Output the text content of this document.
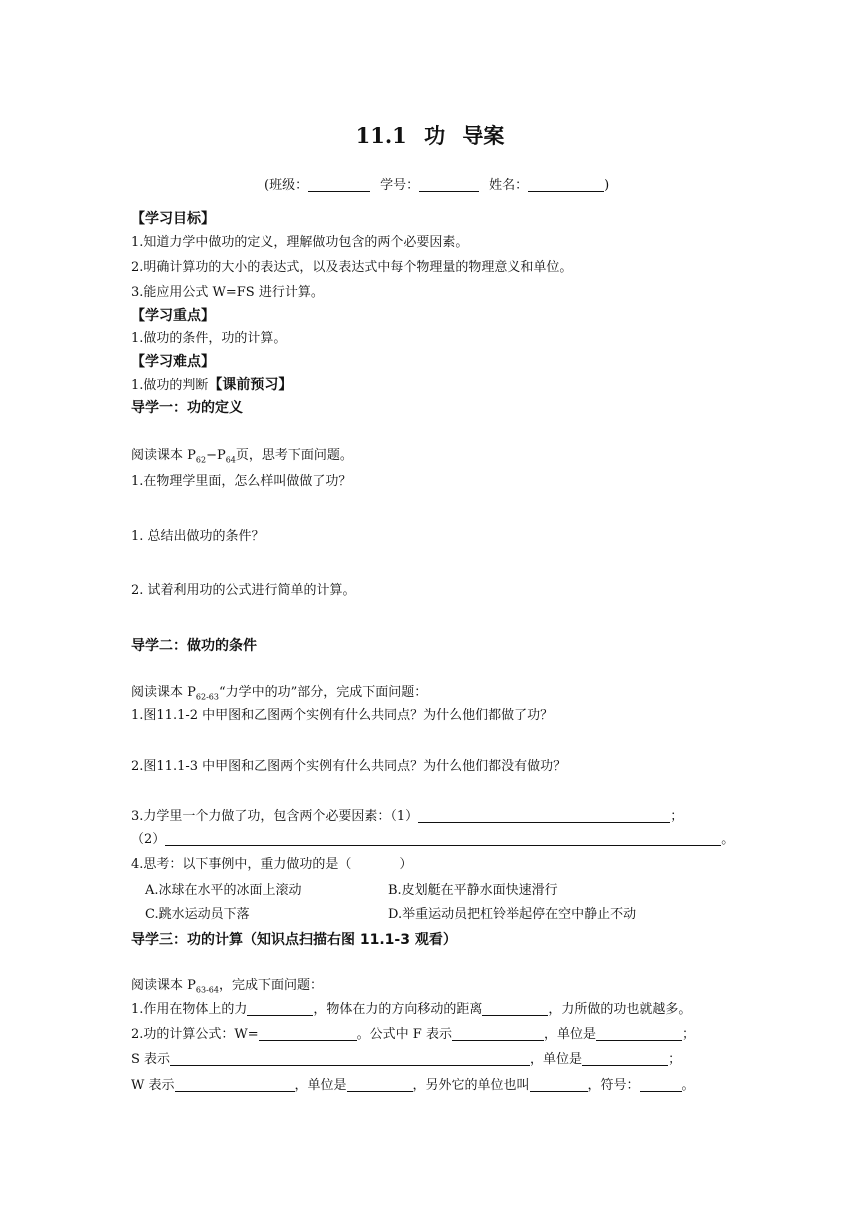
11.1 功 导案
(班级：	学号：	姓名：	)
【学习目标】
1.知道力学中做功的定义，理解做功包含的两个必要因素。
2.明确计算功的大小的表达式，以及表达式中每个物理量的物理意义和单位。
3.能应用公式 W=FS 进行计算。
【学习重点】
1.做功的条件，功的计算。
【学习难点】
1.做功的判断【课前预习】
导学一：功的定义
阅读课本 $P_{62}-P_{64}$页，思考下面问题。
1.在物理学里面，怎么样叫做做了功？
1. 总结出做功的条件？
2. 试着利用功的公式进行简单的计算。
导学二：做功的条件
阅读课本 $P_{62-63}“$力学中的功”部分，完成下面问题：
1.图11.1-2 中甲图和乙图两个实例有什么共同点？为什么他们都做了功？
2.图11.1-3 中甲图和乙图两个实例有什么共同点？为什么他们都没有做功？
3.力学里一个力做了功，包含两个必要因素：（1）	；
（2）	。
4.思考：以下事例中，重力做功的是（	）
A.冰球在水平的冰面上滚动	B.皮划艇在平静水面快速滑行
C.跳水运动员下落	D.举重运动员把杠铃举起停在空中静止不动
导学三：功的计算（知识点扫描右图 11.1-3 观看）
阅读课本 $P_{63-64}$，完成下面问题：
1.作用在物体上的力	，物体在力的方向移动的距离	，力所做的功也就越多。
2.功的计算公式：W=	。公式中 F 表示	，单位是	；
S 表示	，单位是	；
W 表示	，单位是	，另外它的单位也叫	，符号：	。
